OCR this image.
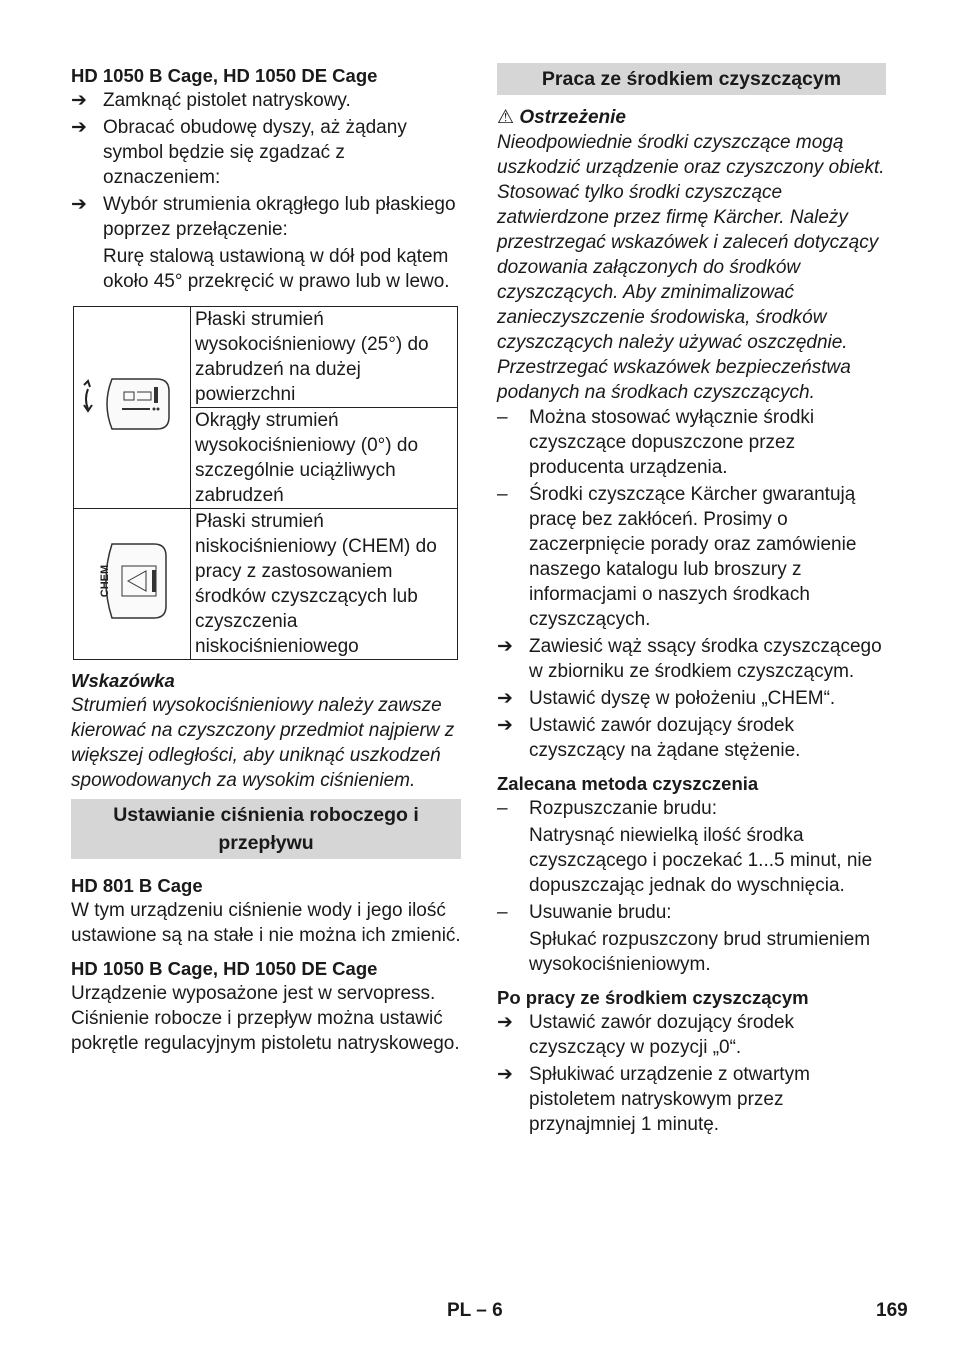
HD 1050 B Cage, HD 1050 DE Cage

➔ Zamknąć pistolet natryskowy.
➔ Obracać obudowę dyszy, aż żądany symbol będzie się zgadzać z oznaczeniem:
➔ Wybór strumienia okrągłego lub płaskiego poprzez przełączenie:

Rurę stalową ustawioną w dół pod kątem około 45° przekręcić w prawo lub w lewo.

	Płaski strumień wysokociśnieniowy (25°) do zabrudzeń na dużej powierzchni
	Okrągły strumień wysokociśnieniowy (0°) do szczególnie uciążliwych zabrudzeń

CHEM	Płaski strumień niskociśnieniowy (CHEM) do pracy z zastosowaniem środków czyszczących lub czyszczenia niskociśnieniowego

Wskazówka

Strumień wysokociśnieniowy należy zawsze kierować na czyszczony przedmiot najpierw z większej odległości, aby uniknąć uszkodzeń spowodowanych za wysokim ciśnieniem.

Ustawianie ciśnienia roboczego i przepływu

HD 801 B Cage

W tym urządzeniu ciśnienie wody i jego ilość ustawione są na stałe i nie można ich zmienić.

HD 1050 B Cage, HD 1050 DE Cage

Urządzenie wyposażone jest w servopress. Ciśnienie robocze i przepływ można ustawić pokrętle regulacyjnym pistoletu natryskowego.

Praca ze środkiem czyszczącym

⚠ Ostrzeżenie

Nieodpowiednie środki czyszczące mogą uszkodzić urządzenie oraz czyszczony obiekt. Stosować tylko środki czyszczące zatwierdzone przez firmę Kärcher. Należy przestrzegać wskazówek i zaleceń dotyczący dozowania załączonych do środków czyszczących. Aby zminimalizować zanieczyszczenie środowiska, środków czyszczących należy używać oszczędnie. Przestrzegać wskazówek bezpieczeństwa podanych na środkach czyszczących.

– Można stosować wyłącznie środki czyszczące dopuszczone przez producenta urządzenia.
– Środki czyszczące Kärcher gwarantują pracę bez zakłóceń. Prosimy o zaczerpnięcie porady oraz zamówienie naszego katalogu lub broszury z informacjami o naszych środkach czyszczących.
➔ Zawiesić wąż ssący środka czyszczącego w zbiorniku ze środkiem czyszczącym.
➔ Ustawić dyszę w położeniu „CHEM“.
➔ Ustawić zawór dozujący środek czyszczący na żądane stężenie.

Zalecana metoda czyszczenia

– Rozpuszczanie brudu:

Natrysnąć niewielką ilość środka czyszczącego i poczekać 1...5 minut, nie dopuszczając jednak do wyschnięcia.

– Usuwanie brudu:

Spłukać rozpuszczony brud strumieniem wysokociśnieniowym.

Po pracy ze środkiem czyszczącym

➔ Ustawić zawór dozujący środek czyszczący w pozycji „0“.
➔ Spłukiwać urządzenie z otwartym pistoletem natryskowym przez przynajmniej 1 minutę.
PL – 6	169
